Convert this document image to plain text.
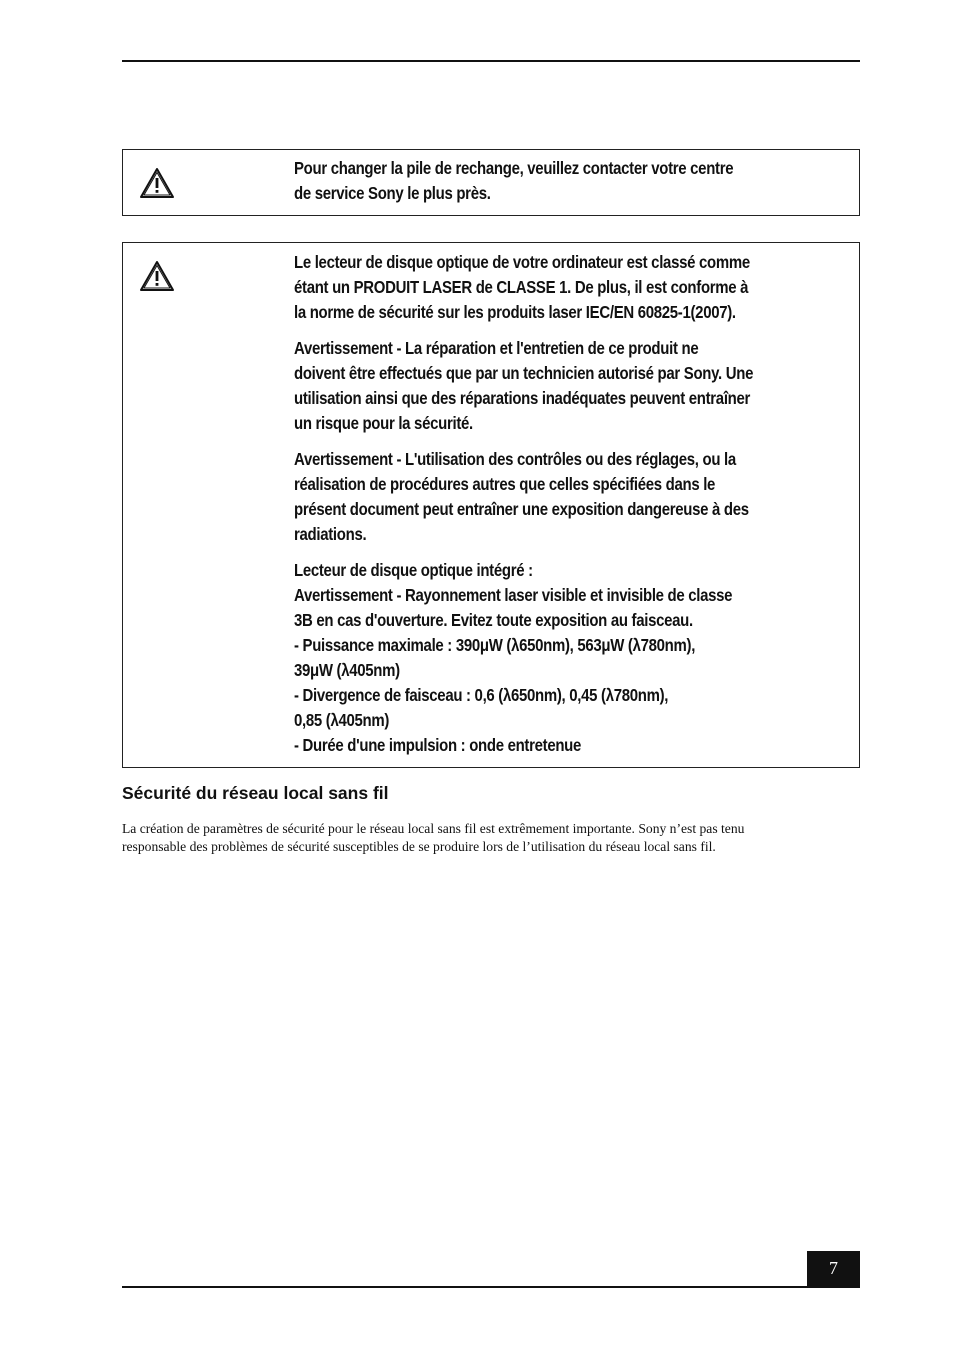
Pour changer la pile de rechange, veuillez contacter votre centre
de service Sony le plus près.

Le lecteur de disque optique de votre ordinateur est classé comme
étant un PRODUIT LASER de CLASSE 1. De plus, il est conforme à
la norme de sécurité sur les produits laser IEC/EN 60825-1(2007).

Avertissement - La réparation et l'entretien de ce produit ne
doivent être effectués que par un technicien autorisé par Sony. Une
utilisation ainsi que des réparations inadéquates peuvent entraîner
un risque pour la sécurité.

Avertissement - L'utilisation des contrôles ou des réglages, ou la
réalisation de procédures autres que celles spécifiées dans le
présent document peut entraîner une exposition dangereuse à des
radiations.

Lecteur de disque optique intégré :
Avertissement - Rayonnement laser visible et invisible de classe
3B en cas d'ouverture. Evitez toute exposition au faisceau.
- Puissance maximale : 390μW (λ650nm), 563μW (λ780nm),
39μW (λ405nm)
- Divergence de faisceau : 0,6 (λ650nm), 0,45 (λ780nm),
0,85 (λ405nm)
- Durée d'une impulsion : onde entretenue

Sécurité du réseau local sans fil

La création de paramètres de sécurité pour le réseau local sans fil est extrêmement importante. Sony n’est pas tenu
responsable des problèmes de sécurité susceptibles de se produire lors de l’utilisation du réseau local sans fil.

7
